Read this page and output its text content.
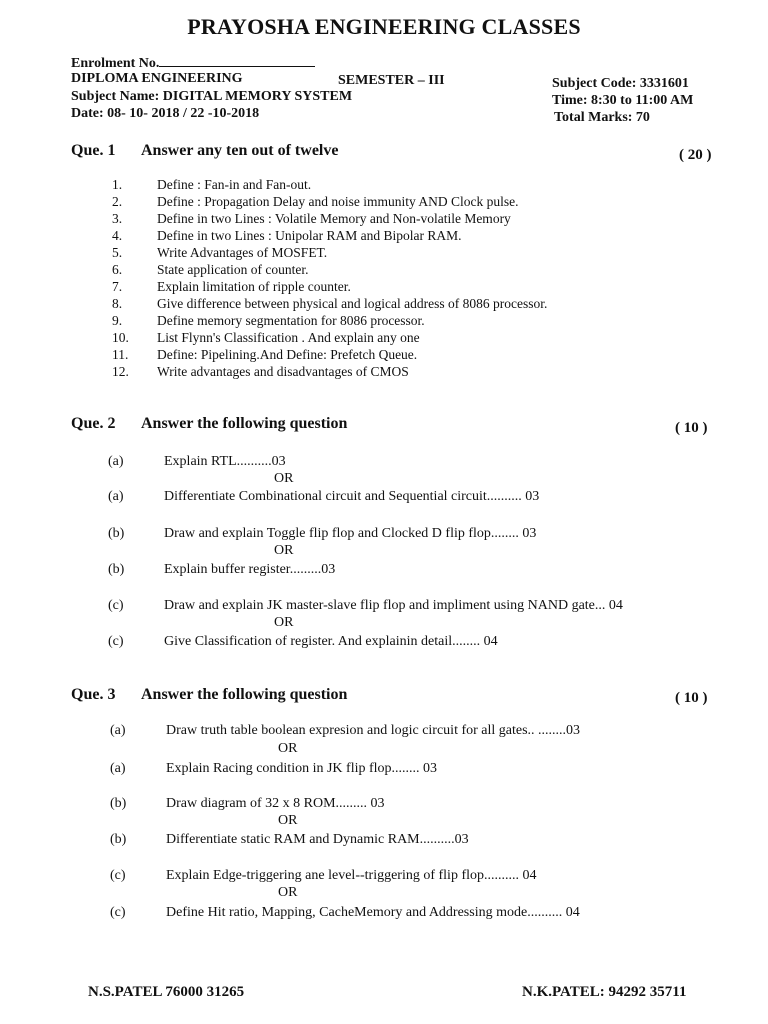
PRAYOSHA ENGINEERING CLASSES
Enrolment No.
DIPLOMA ENGINEERING	SEMESTER – III
Subject Name: DIGITAL MEMORY SYSTEM
Date: 08- 10- 2018 / 22 -10-2018
Subject Code: 3331601
Time: 8:30 to 11:00 AM
Total Marks: 70
Que. 1 Answer any ten out of twelve	( 20 )
1.	Define : Fan-in and Fan-out.
2.	Define : Propagation Delay and noise immunity AND Clock pulse.
3.	Define in two Lines : Volatile Memory and Non-volatile Memory
4.	Define in two Lines : Unipolar RAM and Bipolar RAM.
5.	Write Advantages of MOSFET.
6.	State application of counter.
7.	Explain limitation of ripple counter.
8.	Give difference between physical and logical address of 8086 processor.
9.	Define memory segmentation for 8086 processor.
10. List Flynn's Classification . And explain any one
11. Define: Pipelining.And Define: Prefetch Queue.
12. Write advantages and disadvantages of CMOS
Que. 2 Answer the following question	( 10 )
(a)	Explain RTL..........03
OR
(a)	Differentiate Combinational circuit and Sequential circuit.......... 03
(b)	Draw and explain Toggle flip flop and Clocked D flip flop........ 03
OR
(b)	Explain buffer register.........03
(c)	Draw and explain JK master-slave flip flop and impliment using NAND gate... 04
OR
(c)	Give Classification of register. And explainin detail........ 04
Que. 3 Answer the following question	( 10 )
(a)	Draw truth table boolean expresion and logic circuit for all gates.. ........03
OR
(a)	Explain Racing condition in JK flip flop........ 03
(b)	Draw diagram of 32 x 8 ROM......... 03
OR
(b)	Differentiate static RAM and Dynamic RAM..........03
(c)	Explain Edge-triggering ane level--triggering of flip flop.......... 04
OR
(c)	Define Hit ratio, Mapping, CacheMemory and Addressing mode.......... 04
N.S.PATEL 76000 31265	N.K.PATEL: 94292 35711
